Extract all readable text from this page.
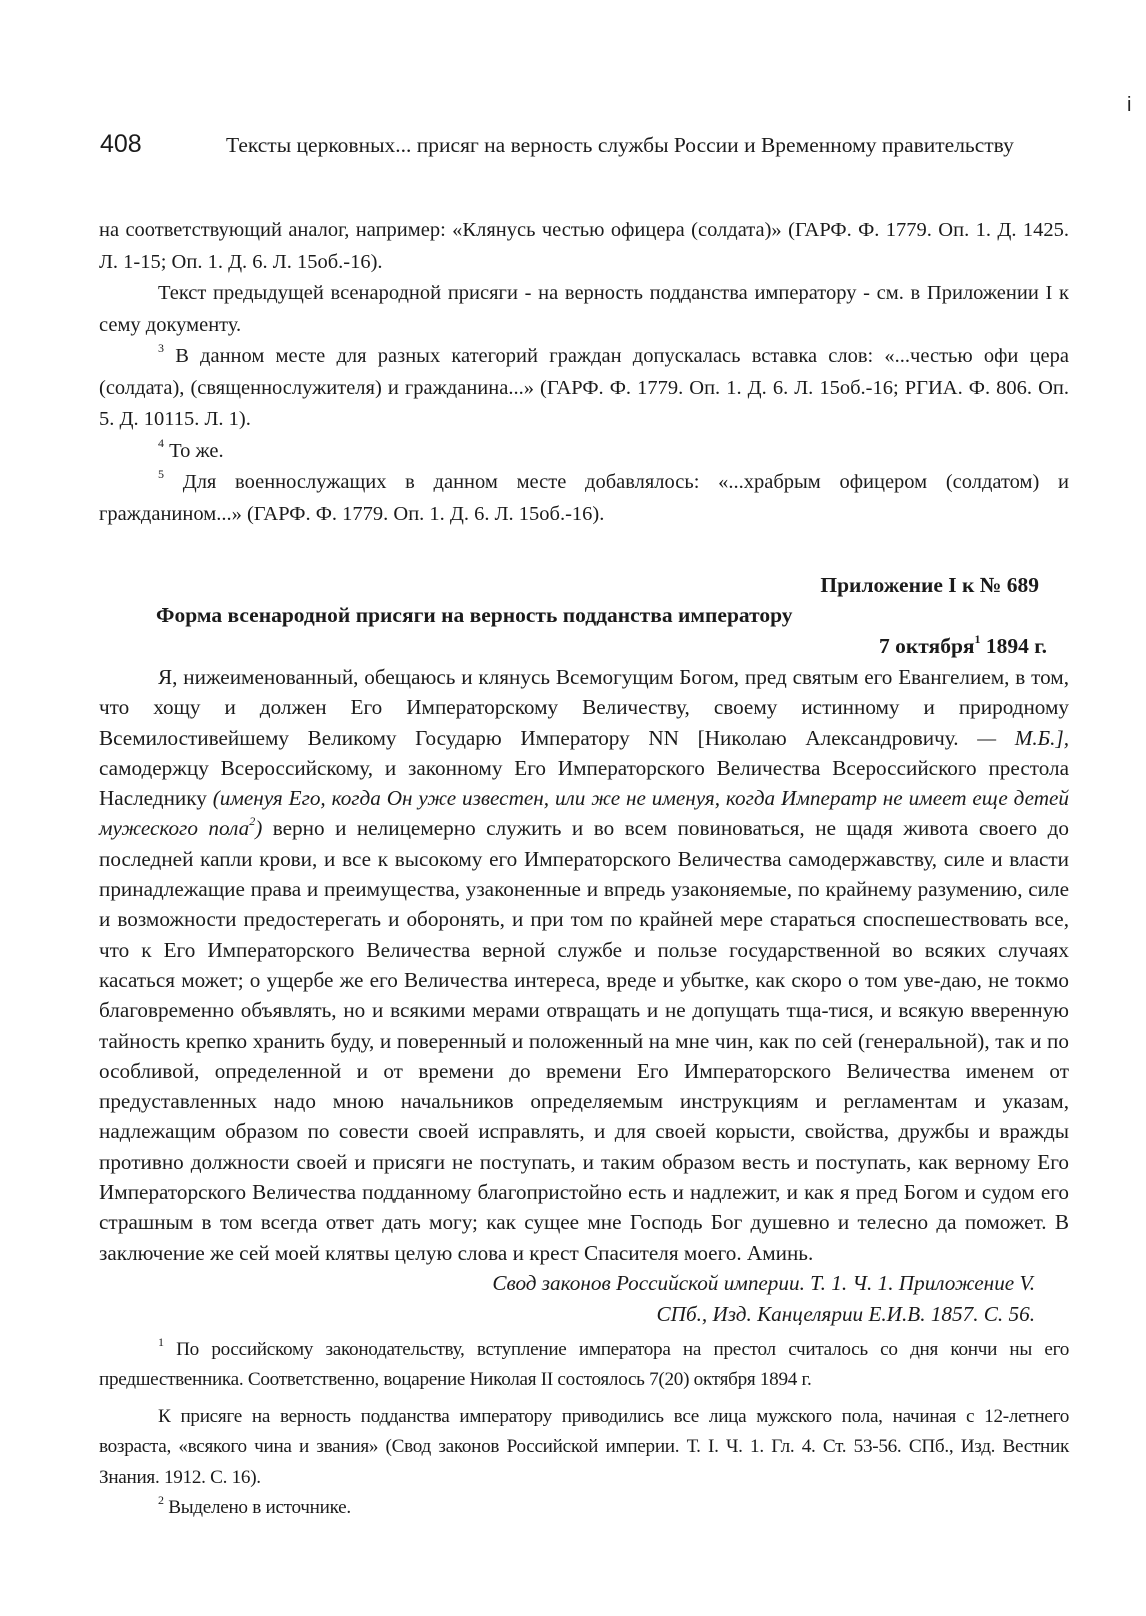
i
408	Тексты церковных... присяг на верность службы России и Временному правительству

на соответствующий аналог, например: «Клянусь честью офицера (солдата)» (ГАРФ. Ф. 1779. Оп. 1. Д. 1425. Л. 1-15; Оп. 1. Д. 6. Л. 15об.-16).

Текст предыдущей всенародной присяги - на верность подданства императору - см. в Приложении I к сему документу.

$^3$ В данном месте для разных категорий граждан допускалась вставка слов: «...честью офи цера (солдата), (священнослужителя) и гражданина...» (ГАРФ. Ф. 1779. Оп. 1. Д. 6. Л. 15об.-16; РГИА. Ф. 806. Оп. 5. Д. 10115. Л. 1).

$^4$ То же.

$^5$ Для военнослужащих в данном месте добавлялось: «...храбрым офицером (солдатом) и гражданином...» (ГАРФ. Ф. 1779. Оп. 1. Д. 6. Л. 15об.-16).

Приложение I к № 689
Форма всенародной присяги на верность подданства императору
7 октября$^1$ 1894 г.

Я, нижеименованный, обещаюсь и клянусь Всемогущим Богом, пред святым его Евангелием, в том, что хощу и должен Его Императорскому Величеству, своему истинному и природному Всемилостивейшему Великому Государю Императору NN [Николаю Александровичу. — М.Б.], самодержцу Всероссийскому, и законному Его Императорского Величества Всероссийского престола Наследнику (именуя Его, когда Он уже известен, или же не именуя, когда Императр не имеет еще детей мужеского пола$^2$) верно и нелицемерно служить и во всем повиноваться, не щадя живота своего до последней капли крови, и все к высокому его Императорского Величества самодержавству, силе и власти принадлежащие права и преимущества, узаконенные и впредь узаконяемые, по крайнему разумению, силе и возможности предостерегать и оборонять, и при том по крайней мере стараться споспешествовать все, что к Его Императорского Величества верной службе и пользе государственной во всяких случаях касаться может; о ущербе же его Величества интереса, вреде и убытке, как скоро о том уве-даю, не токмо благовременно объявлять, но и всякими мерами отвращать и не допущать тща-тися, и всякую вверенную тайность крепко хранить буду, и поверенный и положенный на мне чин, как по сей (генеральной), так и по особливой, определенной и от времени до времени Его Императорского Величества именем от предуставленных надо мною начальников определяемым инструкциям и регламентам и указам, надлежащим образом по совести своей исправлять, и для своей корысти, свойства, дружбы и вражды противно должности своей и присяги не поступать, и таким образом весть и поступать, как верному Его Императорского Величества подданному благопристойно есть и надлежит, и как я пред Богом и судом его страшным в том всегда ответ дать могу; как сущее мне Господь Бог душевно и телесно да поможет. В заключение же сей моей клятвы целую слова и крест Спасителя моего. Аминь.

Свод законов Российской империи. Т. 1. Ч. 1. Приложение V.
СПб., Изд. Канцелярии Е.И.В. 1857. С. 56.

$^1$ По российскому законодательству, вступление императора на престол считалось со дня кончи ны его предшественника. Соответственно, воцарение Николая II состоялось 7(20) октября 1894 г.

К присяге на верность подданства императору приводились все лица мужского пола, начиная с 12-летнего возраста, «всякого чина и звания» (Свод законов Российской империи. Т. I. Ч. 1. Гл. 4. Ст. 53-56. СПб., Изд. Вестник Знания. 1912. С. 16).

$^2$ Выделено в источнике.
